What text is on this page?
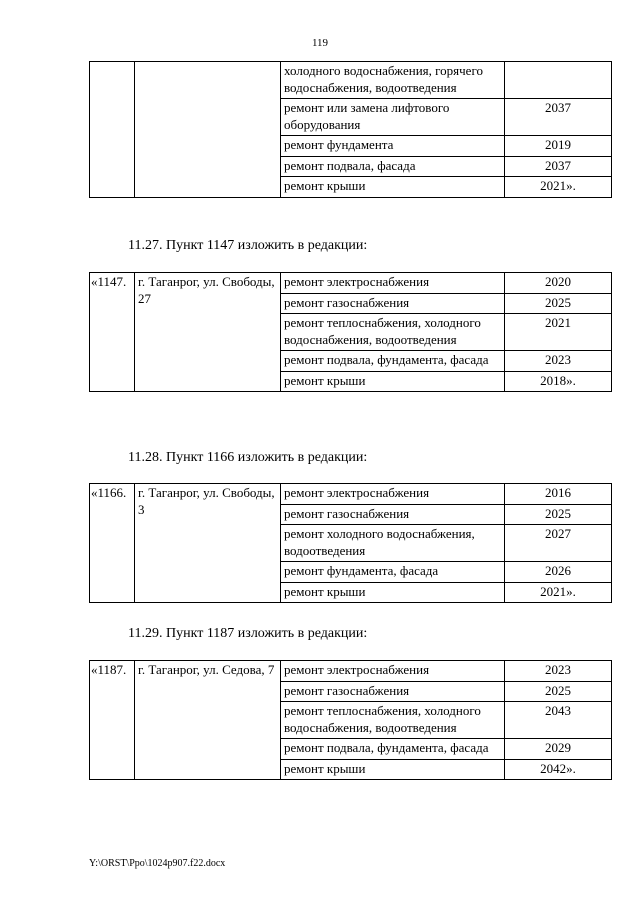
119
		холодного водоснабжения, горячего водоснабжения, водоотведения	
		ремонт или замена лифтового оборудования	2037
		ремонт фундамента	2019
		ремонт подвала, фасада	2037
		ремонт крыши	2021».
11.27. Пункт 1147 изложить в редакции:
«1147.	г. Таганрог, ул. Свободы, 27	ремонт электроснабжения	2020
		ремонт газоснабжения	2025
		ремонт теплоснабжения, холодного водоснабжения, водоотведения	2021
		ремонт подвала, фундамента, фасада	2023
		ремонт крыши	2018».
11.28. Пункт 1166 изложить в редакции:
«1166.	г. Таганрог, ул. Свободы, 3	ремонт электроснабжения	2016
		ремонт газоснабжения	2025
		ремонт холодного водоснабжения, водоотведения	2027
		ремонт фундамента, фасада	2026
		ремонт крыши	2021».
11.29. Пункт 1187 изложить в редакции:
«1187.	г. Таганрог, ул. Седова, 7	ремонт электроснабжения	2023
		ремонт газоснабжения	2025
		ремонт теплоснабжения, холодного водоснабжения, водоотведения	2043
		ремонт подвала, фундамента, фасада	2029
		ремонт крыши	2042».
Y:\ORST\Ppo\1024p907.f22.docx
